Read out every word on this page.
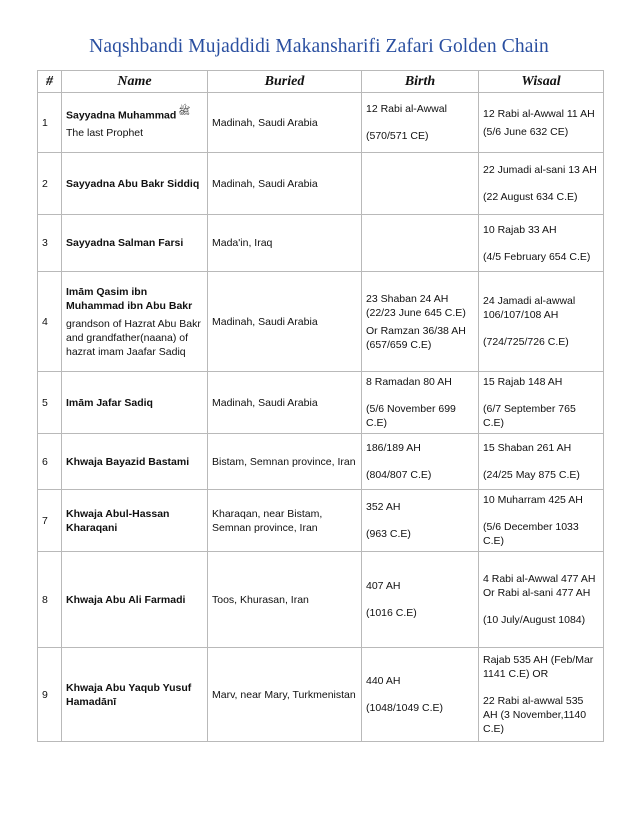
Naqshbandi Mujaddidi Makansharifi Zafari Golden Chain
#	Name	Buried	Birth	Wisaal
1	Sayyadna Muhammad ﷺ
The last Prophet	Madinah, Saudi Arabia	12 Rabi al-Awwal
(570/571 CE)	12 Rabi al-Awwal 11 AH
(5/6 June 632 CE)

2	Sayyadna Abu Bakr Siddiq	Madinah, Saudi Arabia		22 Jumadi al-sani 13 AH
(22 August 634 C.E)

3	Sayyadna Salman Farsi	Mada'in, Iraq		10 Rajab 33 AH
(4/5 February 654 C.E)

4	Imām Qasim ibn Muhammad ibn Abu Bakr
grandson of Hazrat Abu Bakr and grandfather(naana) of hazrat imam Jaafar Sadiq	Madinah, Saudi Arabia	23 Shaban 24 AH (22/23 June 645 C.E)
Or Ramzan 36/38 AH (657/659 C.E)	24 Jamadi al-awwal 106/107/108 AH
(724/725/726 C.E)

5	Imām Jafar Sadiq	Madinah, Saudi Arabia	8 Ramadan 80 AH
(5/6 November 699 C.E)	15 Rajab 148 AH
(6/7 September 765 C.E)

6	Khwaja Bayazid Bastami	Bistam, Semnan province, Iran	186/189 AH
(804/807 C.E)	15 Shaban 261 AH
(24/25 May 875 C.E)

7	Khwaja Abul-Hassan Kharaqani	Kharaqan, near Bistam, Semnan province, Iran	352 AH
(963 C.E)	10 Muharram 425 AH
(5/6 December 1033 C.E)

8	Khwaja Abu Ali Farmadi	Toos, Khurasan, Iran	407 AH
(1016 C.E)	4 Rabi al-Awwal 477 AH Or Rabi al-sani 477 AH
(10 July/August 1084)

9	Khwaja Abu Yaqub Yusuf Hamadānī	Marv, near Mary, Turkmenistan	440 AH
(1048/1049 C.E)	Rajab 535 AH (Feb/Mar 1141 C.E) OR
22 Rabi al-awwal 535 AH (3 November,1140 C.E)
